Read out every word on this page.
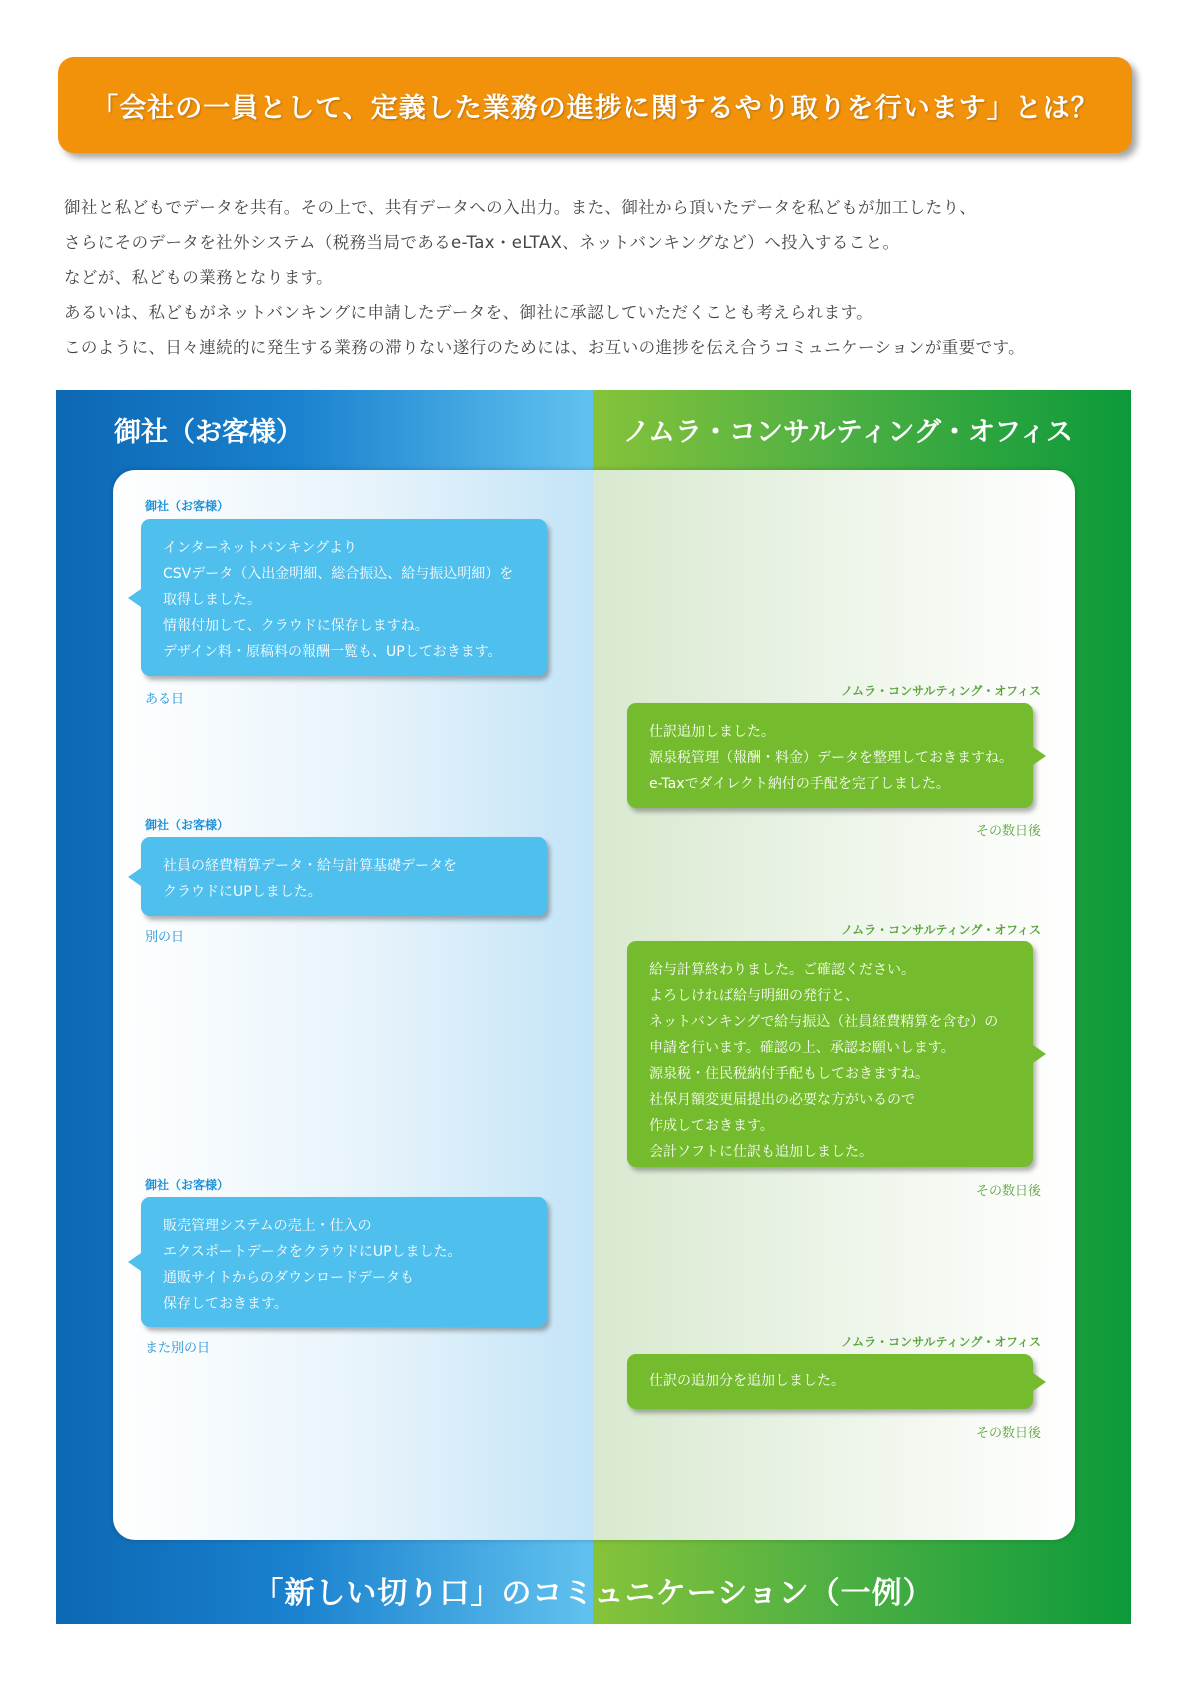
「会社の一員として、定義した業務の進捗に関するやり取りを行います」とは？

御社と私どもでデータを共有。その上で、共有データへの入出力。また、御社から頂いたデータを私どもが加工したり、

さらにそのデータを社外システム（税務当局であるe-Tax・eLTAX、ネットバンキングなど）へ投入すること。

などが、私どもの業務となります。

あるいは、私どもがネットバンキングに申請したデータを、御社に承認していただくことも考えられます。

このように、日々連続的に発生する業務の滞りない遂行のためには、お互いの進捗を伝え合うコミュニケーションが重要です。

御社（お客様）	ノムラ・コンサルティング・オフィス
御社（お客様）

インターネットバンキングより

CSVデータ（入出金明細、総合振込、給与振込明細）を

取得しました。

情報付加して、クラウドに保存しますね。

デザイン料・原稿料の報酬一覧も、UPしておきます。

ある日
ノムラ・コンサルティング・オフィス

仕訳追加しました。

源泉税管理（報酬・料金）データを整理しておきますね。

e-Taxでダイレクト納付の手配を完了しました。

その数日後
御社（お客様）

社員の経費精算データ・給与計算基礎データを

クラウドにUPしました。

別の日	ノムラ・コンサルティング・オフィス

給与計算終わりました。ご確認ください。

よろしければ給与明細の発行と、

ネットバンキングで給与振込（社員経費精算を含む）の

申請を行います。確認の上、承認お願いします。

源泉税・住民税納付手配もしておきますね。

社保月額変更届提出の必要な方がいるので

作成しておきます。

会計ソフトに仕訳も追加しました。

その数日後
御社（お客様）

販売管理システムの売上・仕入の

エクスポートデータをクラウドにUPしました。

通販サイトからのダウンロードデータも

保存しておきます。

また別の日	ノムラ・コンサルティング・オフィス

仕訳の追加分を追加しました。

その数日後
「新しい切り口」のコミュニケーション（一例）
